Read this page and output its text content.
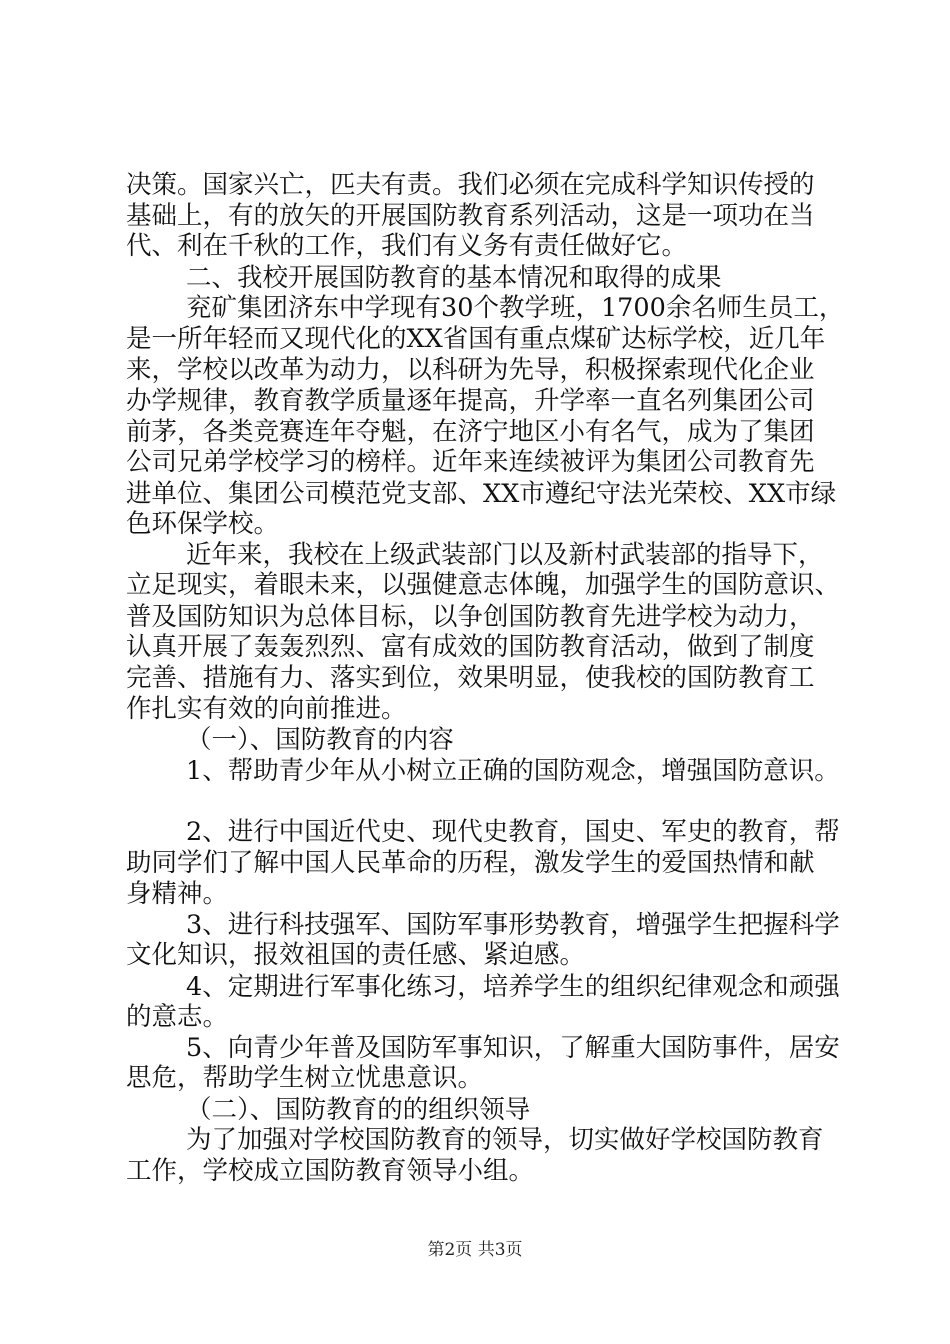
决策。国家兴亡，匹夫有责。我们必须在完成科学知识传授的
基础上，有的放矢的开展国防教育系列活动，这是一项功在当
代、利在千秋的工作，我们有义务有责任做好它。
二、我校开展国防教育的基本情况和取得的成果
兖矿集团济东中学现有30个教学班，1700余名师生员工，
是一所年轻而又现代化的XX省国有重点煤矿达标学校，近几年
来，学校以改革为动力，以科研为先导，积极探索现代化企业
办学规律，教育教学质量逐年提高，升学率一直名列集团公司
前茅，各类竞赛连年夺魁，在济宁地区小有名气，成为了集团
公司兄弟学校学习的榜样。近年来连续被评为集团公司教育先
进单位、集团公司模范党支部、XX市遵纪守法光荣校、XX市绿
色环保学校。
近年来，我校在上级武装部门以及新村武装部的指导下，
立足现实，着眼未来，以强健意志体魄，加强学生的国防意识、
普及国防知识为总体目标，以争创国防教育先进学校为动力，
认真开展了轰轰烈烈、富有成效的国防教育活动，做到了制度
完善、措施有力、落实到位，效果明显，使我校的国防教育工
作扎实有效的向前推进。
（一）、国防教育的内容
1、帮助青少年从小树立正确的国防观念，增强国防意识。
2、进行中国近代史、现代史教育，国史、军史的教育，帮
助同学们了解中国人民革命的历程，激发学生的爱国热情和献
身精神。
3、进行科技强军、国防军事形势教育，增强学生把握科学
文化知识，报效祖国的责任感、紧迫感。
4、定期进行军事化练习，培养学生的组织纪律观念和顽强
的意志。
5、向青少年普及国防军事知识，了解重大国防事件，居安
思危，帮助学生树立忧患意识。
（二）、国防教育的的组织领导
为了加强对学校国防教育的领导，切实做好学校国防教育
工作，学校成立国防教育领导小组。
第2页 共3页
